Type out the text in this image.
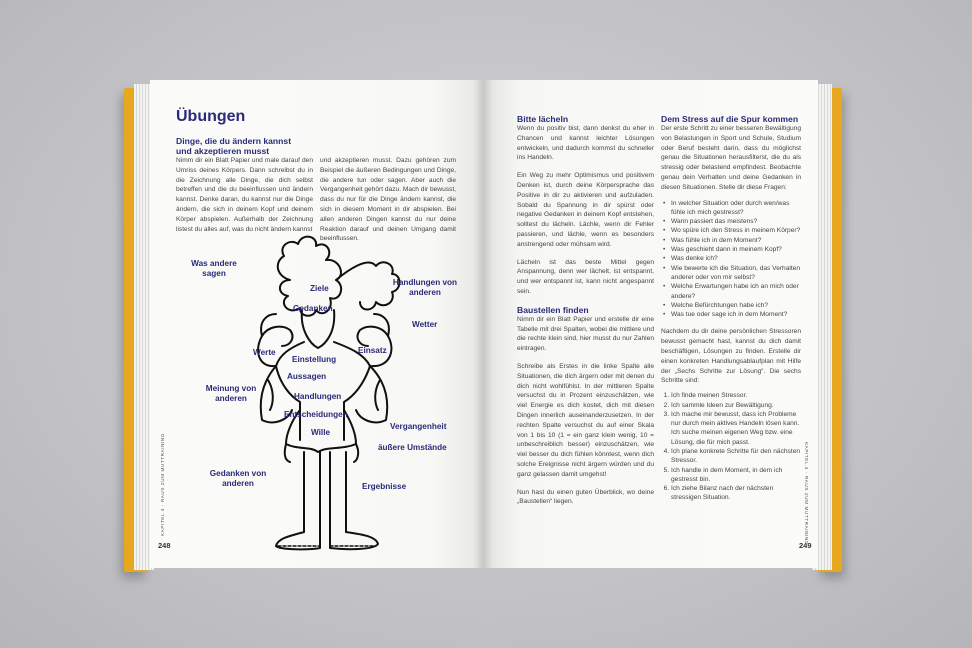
Übungen
Dinge, die du ändern kannst und akzeptieren musst
Nimm dir ein Blatt Papier und male darauf den Umriss deines Körpers. Dann schreibst du in die Zeichnung alle Dinge, die dich selbst betreffen und die du beeinflussen und ändern kannst. Denke daran, du kannst nur die Dinge ändern, die sich in deinem Kopf und deinem Körper abspielen. Außerhalb der Zeichnung listest du alles auf, was du nicht ändern kannst
und akzeptieren musst. Dazu gehören zum Beispiel die äußeren Bedingungen und Dinge, die andere tun oder sagen. Aber auch die Vergangenheit gehört dazu. Mach dir bewusst, dass du nur für die Dinge ändern kannst, die sich in diesem Moment in dir abspielen. Bei allen anderen Dingen kannst du nur deine Reaktion darauf und deinen Umgang damit beeinflussen.
Ziele
Gedanken
Werte	Einsatz
Einstellung
Aussagen
Handlungen
Entscheidungen
Wille
Was andere sagen
Handlungen von anderen
Wetter
Meinung von anderen
Vergangenheit
äußere Umstände
Gedanken von anderen	Ergebnisse
248
KAPITEL 4 · RAUS ZUM MUTTRAINING
Bitte lächeln
Wenn du positiv bist, dann denkst du eher in Chancen und kannst leichter Lösungen entwickeln, und dadurch kommst du schneller ins Handeln.
Ein Weg zu mehr Optimismus und positivem Denken ist, durch deine Körpersprache das Positive in dir zu aktivieren und aufzuladen. Sobald du Spannung in dir spürst oder negative Gedanken in deinem Kopf entstehen, solltest du lächeln. Lächle, wenn dir Fehler passieren, und lächle, wenn es besonders anstrengend oder mühsam wird.
Lächeln ist das beste Mittel gegen Anspannung, denn wer lächelt, ist entspannt, und wer entspannt ist, kann nicht angespannt sein.
Baustellen finden
Nimm dir ein Blatt Papier und erstelle dir eine Tabelle mit drei Spalten, wobei die mittlere und die rechte klein sind, hier musst du nur Zahlen eintragen.
Schreibe als Erstes in die linke Spalte alle Situationen, die dich ärgern oder mit denen du dich nicht wohlfühlst. In der mittleren Spalte versuchst du in Prozent einzuschätzen, wie viel Energie es dich kostet, dich mit diesen Dingen innerlich auseinanderzusetzen. In der rechten Spalte versuchst du auf einer Skala von 1 bis 10 (1 = ein ganz klein wenig, 10 = unbeschreiblich besser) einzuschätzen, wie viel besser du dich fühlen könntest, wenn dich solche Ereignisse nicht ärgern würden und du ganz gelassen damit umgehst!
Nun hast du einen guten Überblick, wo deine „Baustellen“ liegen.
Dem Stress auf die Spur kommen
Der erste Schritt zu einer besseren Bewältigung von Belastungen in Sport und Schule, Studium oder Beruf besteht darin, dass du möglichst genau die Situationen herausfilterst, die du als stressig oder belastend empfindest. Beobachte genau dein Verhalten und deine Gedanken in diesen Situationen. Stelle dir diese Fragen:
• In welcher Situation oder durch wen/was fühle ich mich gestresst?
• Wann passiert das meistens?
• Wo spüre ich den Stress in meinem Körper?
• Was fühle ich in dem Moment?
• Was geschieht dann in meinem Kopf?
• Was denke ich?
• Wie bewerte ich die Situation, das Verhalten anderer oder von mir selbst?
• Welche Erwartungen habe ich an mich oder andere?
• Welche Befürchtungen habe ich?
• Was tue oder sage ich in dem Moment?
Nachdem du dir deine persönlichen Stressoren bewusst gemacht hast, kannst du dich damit beschäftigen, Lösungen zu finden. Erstelle dir einen konkreten Handlungsablaufplan mit Hilfe der „Sechs Schritte zur Lösung“. Die sechs Schritte sind:
1. Ich finde meinen Stressor.
2. Ich sammle Ideen zur Bewältigung.
3. Ich mache mir bewusst, dass ich Probleme nur durch mein aktives Handeln lösen kann. Ich suche meinen eigenen Weg bzw. eine Lösung, die für mich passt.
4. Ich plane konkrete Schritte für den nächsten Stressor.
5. Ich handle in dem Moment, in dem ich gestresst bin.
6. Ich ziehe Bilanz nach der nächsten stressigen Situation.
249
KAPITEL 4 · RAUS ZUM MUTTRAINING
